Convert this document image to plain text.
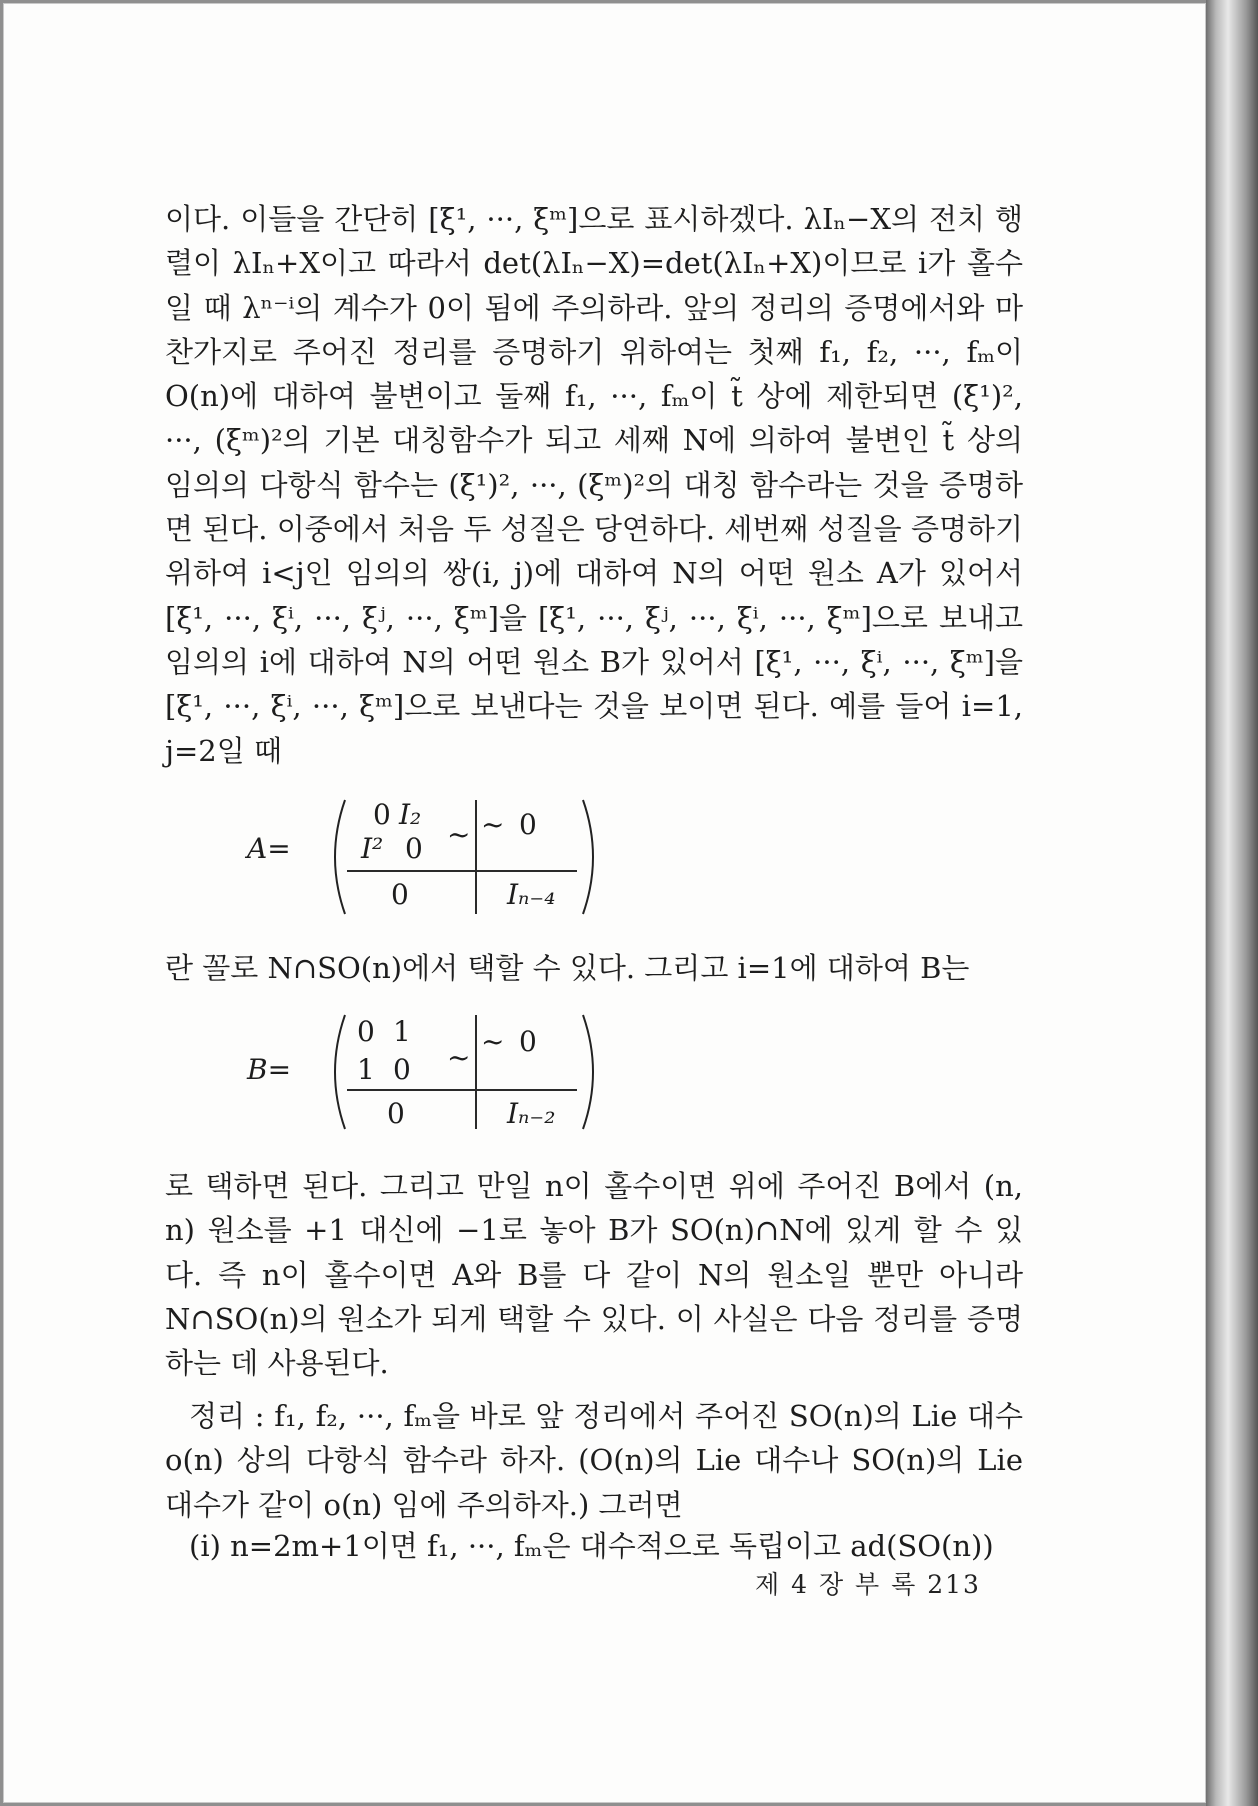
이다. 이들을 간단히 [ξ¹, ···, ξᵐ]으로 표시하겠다. λIₙ−X의 전치 행렬이 λIₙ+X이고 따라서 det(λIₙ−X)=det(λIₙ+X)이므로 i가 홀수일 때 λⁿ⁻ⁱ의 계수가 0이 됨에 주의하라. 앞의 정리의 증명에서와 마찬가지로 주어진 정리를 증명하기 위하여는 첫째 f₁, f₂, ···, fₘ이 O(n)에 대하여 불변이고 둘째 f₁, ···, fₘ이 t̃ 상에 제한되면 (ξ¹)², ···, (ξᵐ)²의 기본 대칭함수가 되고 세째 N에 의하여 불변인 t̃ 상의 임의의 다항식 함수는 (ξ¹)², ···, (ξᵐ)²의 대칭 함수라는 것을 증명하면 된다. 이중에서 처음 두 성질은 당연하다. 세번째 성질을 증명하기 위하여 i<j인 임의의 쌍(i, j)에 대하여 N의 어떤 원소 A가 있어서 [ξ¹, ···, ξⁱ, ···, ξʲ, ···, ξᵐ]을 [ξ¹, ···, ξʲ, ···, ξⁱ, ···, ξᵐ]으로 보내고 임의의 i에 대하여 N의 어떤 원소 B가 있어서 [ξ¹, ···, ξⁱ, ···, ξᵐ]을 [ξ¹, ···, ξⁱ, ···, ξᵐ]으로 보낸다는 것을 보이면 된다. 예를 들어 i=1, j=2일 때

A=
0 I₂
I² 0 ~ ~ 0
0	Iₙ₋₄

란 꼴로 N∩SO(n)에서 택할 수 있다. 그리고 i=1에 대하여 B는

B=
0 1
1 0 ~ ~ 0
0	Iₙ₋₂

로 택하면 된다. 그리고 만일 n이 홀수이면 위에 주어진 B에서 (n, n) 원소를 +1 대신에 −1로 놓아 B가 SO(n)∩N에 있게 할 수 있다. 즉 n이 홀수이면 A와 B를 다 같이 N의 원소일 뿐만 아니라 N∩SO(n)의 원소가 되게 택할 수 있다. 이 사실은 다음 정리를 증명하는 데 사용된다.

정리 : f₁, f₂, ···, fₘ을 바로 앞 정리에서 주어진 SO(n)의 Lie 대수 o(n) 상의 다항식 함수라 하자. (O(n)의 Lie 대수나 SO(n)의 Lie 대수가 같이 o(n) 임에 주의하자.) 그러면

(i) n=2m+1이면 f₁, ···, fₘ은 대수적으로 독립이고 ad(SO(n))

제 4 장 부 록 213
